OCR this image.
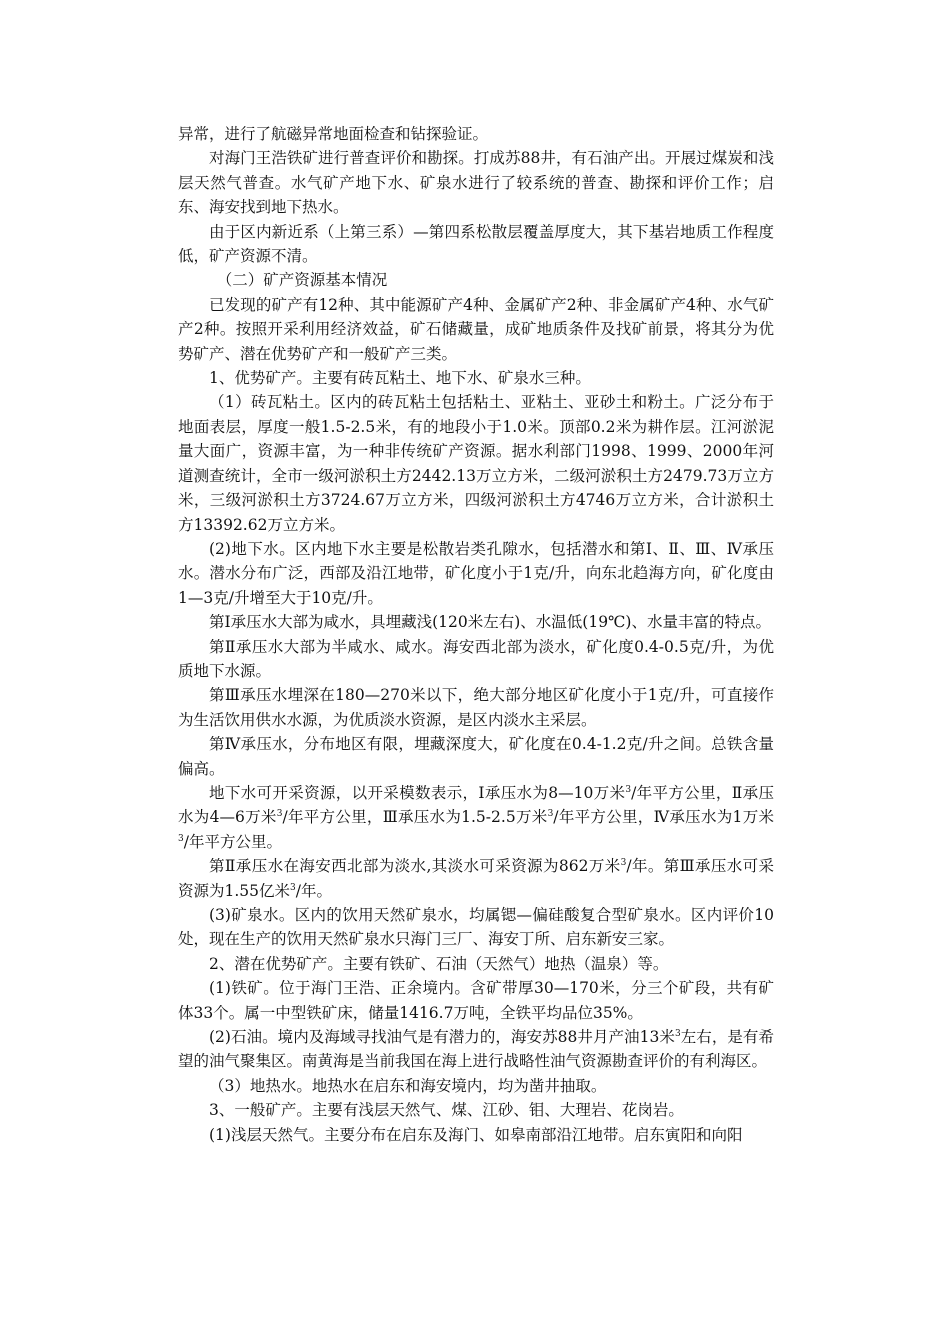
异常，进行了航磁异常地面检查和钻探验证。

对海门王浩铁矿进行普查评价和勘探。打成苏88井，有石油产出。开展过煤炭和浅层天然气普查。水气矿产地下水、矿泉水进行了较系统的普查、勘探和评价工作；启东、海安找到地下热水。

由于区内新近系（上第三系）—第四系松散层覆盖厚度大，其下基岩地质工作程度低，矿产资源不清。

（二）矿产资源基本情况

已发现的矿产有12种、其中能源矿产4种、金属矿产2种、非金属矿产4种、水气矿产2种。按照开采利用经济效益，矿石储藏量，成矿地质条件及找矿前景，将其分为优势矿产、潜在优势矿产和一般矿产三类。

1、优势矿产。主要有砖瓦粘土、地下水、矿泉水三种。

（1）砖瓦粘土。区内的砖瓦粘土包括粘土、亚粘土、亚砂土和粉土。广泛分布于地面表层，厚度一般1.5-2.5米，有的地段小于1.0米。顶部0.2米为耕作层。江河淤泥量大面广，资源丰富，为一种非传统矿产资源。据水利部门1998、1999、2000年河道测查统计，全市一级河淤积土方2442.13万立方米，二级河淤积土方2479.73万立方米，三级河淤积土方3724.67万立方米，四级河淤积土方4746万立方米，合计淤积土方13392.62万立方米。

(2)地下水。区内地下水主要是松散岩类孔隙水，包括潜水和第Ⅰ、Ⅱ、Ⅲ、Ⅳ承压水。潜水分布广泛，西部及沿江地带，矿化度小于1克/升，向东北趋海方向，矿化度由1—3克/升增至大于10克/升。

第Ⅰ承压水大部为咸水，具埋藏浅(120米左右)、水温低(19℃)、水量丰富的特点。

第Ⅱ承压水大部为半咸水、咸水。海安西北部为淡水，矿化度0.4-0.5克/升，为优质地下水源。

第Ⅲ承压水埋深在180—270米以下，绝大部分地区矿化度小于1克/升，可直接作为生活饮用供水水源，为优质淡水资源，是区内淡水主采层。

第Ⅳ承压水，分布地区有限，埋藏深度大，矿化度在0.4-1.2克/升之间。总铁含量偏高。

地下水可开采资源，以开采模数表示，Ⅰ承压水为8—10万米$^3$/年平方公里，Ⅱ承压水为4—6万米$^3$/年平方公里，Ⅲ承压水为1.5-2.5万米$^3$/年平方公里，Ⅳ承压水为1万米$^3$/年平方公里。

第Ⅱ承压水在海安西北部为淡水,其淡水可采资源为862万米$^3$/年。第Ⅲ承压水可采资源为1.55亿米$^3$/年。

(3)矿泉水。区内的饮用天然矿泉水，均属锶—偏硅酸复合型矿泉水。区内评价10处，现在生产的饮用天然矿泉水只海门三厂、海安丁所、启东新安三家。

2、潜在优势矿产。主要有铁矿、石油（天然气）地热（温泉）等。

(1)铁矿。位于海门王浩、正余境内。含矿带厚30—170米，分三个矿段，共有矿体33个。属一中型铁矿床，储量1416.7万吨，全铁平均品位35%。

(2)石油。境内及海域寻找油气是有潜力的，海安苏88井月产油13米$^3$左右，是有希望的油气聚集区。南黄海是当前我国在海上进行战略性油气资源勘查评价的有利海区。

（3）地热水。地热水在启东和海安境内，均为凿井抽取。

3、一般矿产。主要有浅层天然气、煤、江砂、钼、大理岩、花岗岩。

(1)浅层天然气。主要分布在启东及海门、如皋南部沿江地带。启东寅阳和向阳
